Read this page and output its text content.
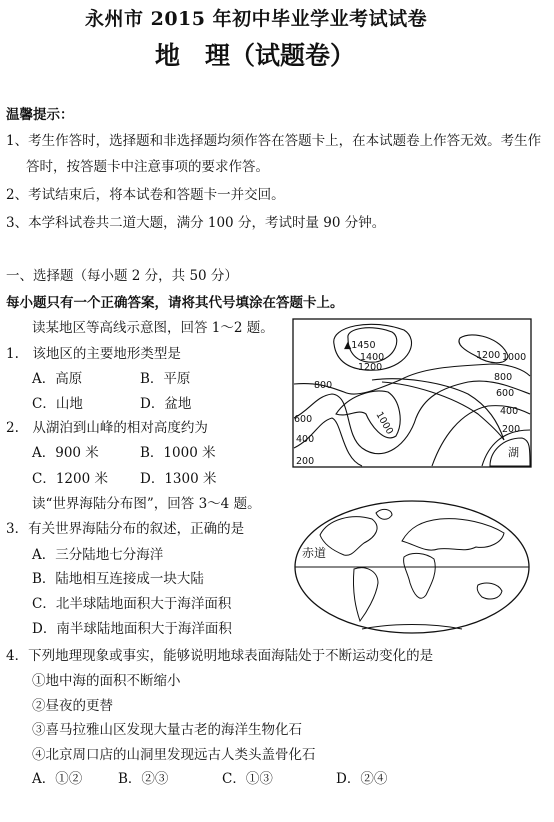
永州市 2015 年初中毕业学业考试试卷
地　理（试题卷）
温馨提示：
1、考生作答时，选择题和非选择题均须作答在答题卡上，在本试题卷上作答无效。考生作
答时，按答题卡中注意事项的要求作答。
2、考试结束后，将本试卷和答题卡一并交回。
3、本学科试卷共二道大题，满分 100 分，考试时量 90 分钟。
一、选择题（每小题 2 分，共 50 分）
每小题只有一个正确答案，请将其代号填涂在答题卡上。
读某地区等高线示意图，回答 1～2 题。
1.　该地区的主要地形类型是
A．高原	B．平原
C．山地	D．盆地
2.　从湖泊到山峰的相对高度约为
A．900 米	B．1000 米
C．1200 米 D．1300 米
读“世界海陆分布图”，回答 3～4 题。
3．有关世界海陆分布的叙述，正确的是
A．三分陆地七分海洋
B．陆地相互连接成一块大陆
C．北半球陆地面积大于海洋面积
D．南半球陆地面积大于海洋面积
4．下列地理现象或事实，能够说明地球表面海陆处于不断运动变化的是
①地中海的面积不断缩小
②昼夜的更替
③喜马拉雅山区发现大量古老的海洋生物化石
④北京周口店的山洞里发现远古人类头盖骨化石
A．①②	B．②③	C．①③	D．②④
▲1450
1400
1200
1200 1000
800
800
600
600
400
400
200
200
1000
湖
赤道
